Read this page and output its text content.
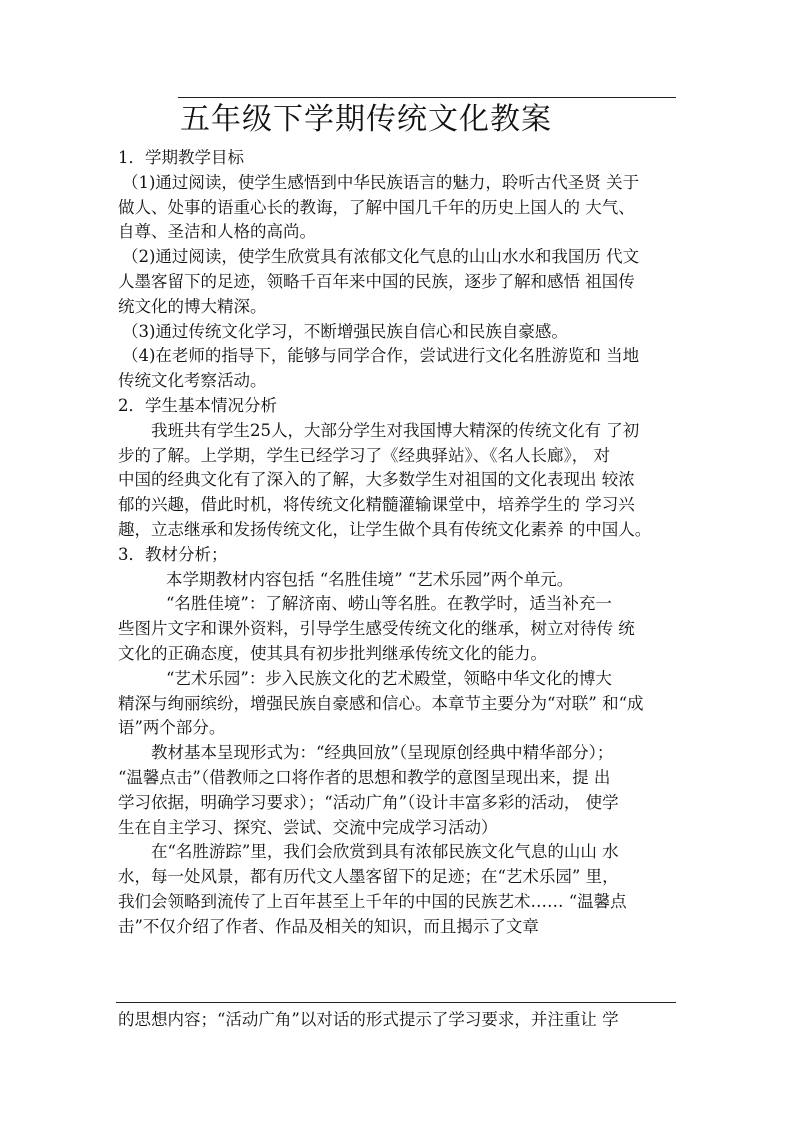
五年级下学期传统文化教案
1．学期教学目标
（1)通过阅读，使学生感悟到中华民族语言的魅力，聆听古代圣贤 关于
做人、处事的语重心长的教诲，了解中国几千年的历史上国人的 大气、
自尊、圣洁和人格的高尚。
（2)通过阅读，使学生欣赏具有浓郁文化气息的山山水水和我国历 代文
人墨客留下的足迹，领略千百年来中国的民族，逐步了解和感悟 祖国传
统文化的博大精深。
（3)通过传统文化学习，不断增强民族自信心和民族自豪感。
（4)在老师的指导下，能够与同学合作，尝试进行文化名胜游览和 当地
传统文化考察活动。
2．学生基本情况分析
我班共有学生25人，大部分学生对我国博大精深的传统文化有 了初
步的了解。上学期，学生已经学习了《经典驿站》、《名人长廊》， 对
中国的经典文化有了深入的了解，大多数学生对祖国的文化表现出 较浓
郁的兴趣，借此时机，将传统文化精髓灌输课堂中，培养学生的 学习兴
趣，立志继承和发扬传统文化，让学生做个具有传统文化素养 的中国人。
3．教材分析；
本学期教材内容包括 “名胜佳境” “艺术乐园”两个单元。
“名胜佳境”：了解济南、崂山等名胜。在教学时，适当补充一
些图片文字和课外资料，引导学生感受传统文化的继承，树立对待传 统
文化的正确态度，使其具有初步批判继承传统文化的能力。
“艺术乐园”：步入民族文化的艺术殿堂，领略中华文化的博大
精深与绚丽缤纷，增强民族自豪感和信心。本章节主要分为“对联” 和“成
语”两个部分。
教材基本呈现形式为：“经典回放”（呈现原创经典中精华部分）；
“温馨点击”（借教师之口将作者的思想和教学的意图呈现出来，提 出
学习依据，明确学习要求）；“活动广角”（设计丰富多彩的活动， 使学
生在自主学习、探究、尝试、交流中完成学习活动）
在“名胜游踪”里，我们会欣赏到具有浓郁民族文化气息的山山 水
水，每一处风景，都有历代文人墨客留下的足迹；在“艺术乐园” 里，
我们会领略到流传了上百年甚至上千年的中国的民族艺术…… “温馨点
击”不仅介绍了作者、作品及相关的知识，而且揭示了文章
的思想内容；“活动广角”以对话的形式提示了学习要求，并注重让 学
